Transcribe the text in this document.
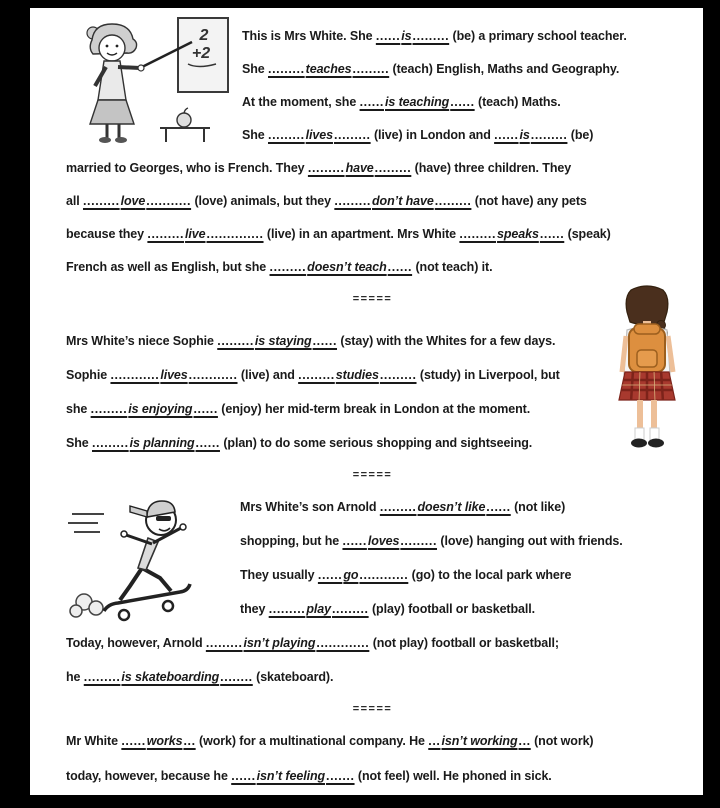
2
+2
This is Mrs White. She ......is......... (be) a primary school teacher.
She .........teaches......... (teach) English, Maths and Geography.
At the moment, she ......is teaching...... (teach) Maths.
She .........lives......... (live) in London and ......is......... (be)
married to Georges, who is French. They .........have......... (have) three children. They
all .........love........... (love) animals, but they .........don’t have......... (not have) any pets
because they .........live.............. (live) in an apartment. Mrs White .........speaks...... (speak)
French as well as English, but she .........doesn’t teach...... (not teach) it.
=====
Mrs White’s niece Sophie .........is staying...... (stay) with the Whites for a few days.
Sophie ............lives............ (live) and .........studies......... (study) in Liverpool, but
she .........is enjoying...... (enjoy) her mid-term break in London at the moment.
She .........is planning...... (plan) to do some serious shopping and sightseeing.
=====
Mrs White’s son Arnold .........doesn’t like...... (not like)
shopping, but he ......loves......... (love) hanging out with friends.
They usually ......go............ (go) to the local park where
they .........play......... (play) football or basketball.
Today, however, Arnold .........isn’t playing............. (not play) football or basketball;
he .........is skateboarding........ (skateboard).
=====
Mr White ......works... (work) for a multinational company. He ...isn’t working... (not work)
today, however, because he ......isn’t feeling....... (not feel) well. He phoned in sick.
